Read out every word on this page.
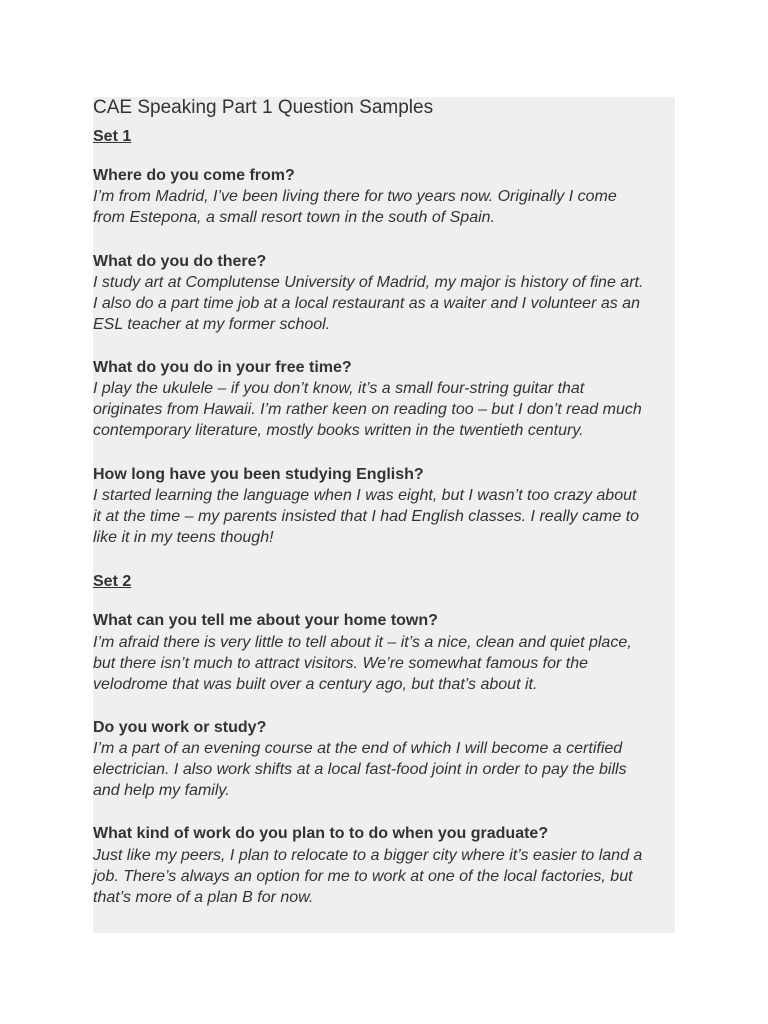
CAE Speaking Part 1 Question Samples

Set 1

Where do you come from?

I’m from Madrid, I’ve been living there for two years now. Originally I come

from Estepona, a small resort town in the south of Spain.

What do you do there?

I study art at Complutense University of Madrid, my major is history of fine art.

I also do a part time job at a local restaurant as a waiter and I volunteer as an

ESL teacher at my former school.

What do you do in your free time?

I play the ukulele – if you don’t know, it’s a small four-string guitar that

originates from Hawaii. I’m rather keen on reading too – but I don’t read much

contemporary literature, mostly books written in the twentieth century.

How long have you been studying English?

I started learning the language when I was eight, but I wasn’t too crazy about

it at the time – my parents insisted that I had English classes. I really came to

like it in my teens though!

Set 2

What can you tell me about your home town?

I’m afraid there is very little to tell about it – it’s a nice, clean and quiet place,

but there isn’t much to attract visitors. We’re somewhat famous for the

velodrome that was built over a century ago, but that’s about it.

Do you work or study?

I’m a part of an evening course at the end of which I will become a certified

electrician. I also work shifts at a local fast-food joint in order to pay the bills

and help my family.

What kind of work do you plan to to do when you graduate?

Just like my peers, I plan to relocate to a bigger city where it’s easier to land a

job. There’s always an option for me to work at one of the local factories, but

that’s more of a plan B for now.
